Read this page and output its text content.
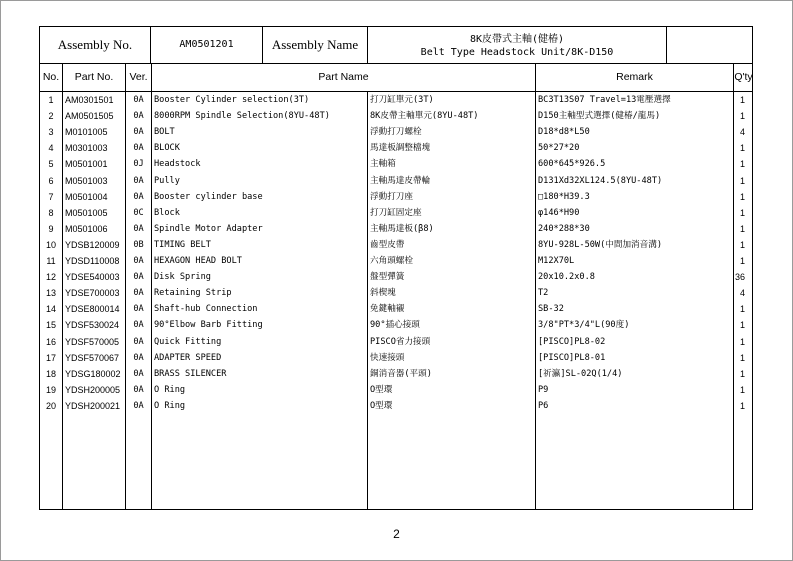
Assembly No.	AM0501201	Assembly Name	8K皮帶式主軸(健椿)
Belt Type Headstock Unit/8K-D150
No.	Part No.	Ver.	Part Name	Remark	Q'ty
1	AM0301501	0A	Booster Cylinder selection(3T)	打刀缸單元(3T)	BC3T13S07 Travel=13電壓選擇	1
2	AM0501505	0A	8000RPM Spindle Selection(8YU-48T)	8K皮帶主軸單元(8YU-48T)	D150主軸型式選擇(健椿/龍馬)	1
3	M0101005	0A	BOLT	浮動打刀螺栓	D18*d8*L50	4
4	M0301003	0A	BLOCK	馬達板調整檔塊	50*27*20	1
5	M0501001	0J	Headstock	主軸箱	600*645*926.5	1
6	M0501003	0A	Pully	主軸馬達皮帶輪	D131Xd32XL124.5(8YU-48T)	1
7	M0501004	0A	Booster cylinder base	浮動打刀座	□180*H39.3	1
8	M0501005	0C	Block	打刀缸固定座	φ146*H90	1
9	M0501006	0A	Spindle Motor Adapter	主軸馬達板(β8)	240*288*30	1
10	YDSB120009	0B	TIMING BELT	齒型皮帶	8YU-928L-50W(中間加消音溝)	1
11	YDSD110008	0A	HEXAGON HEAD BOLT	六角頭螺栓	M12X70L	1
12	YDSE540003	0A	Disk Spring	盤型彈簧	20x10.2x0.8	36
13	YDSE700003	0A	Retaining Strip	斜楔塊	T2	4
14	YDSE800014	0A	Shaft-hub Connection	免鍵軸襯	SB-32	1
15	YDSF530024	0A	90°Elbow Barb Fitting	90°插心接頭	3/8"PT*3/4"L(90度)	1
16	YDSF570005	0A	Quick Fitting	PISCO省力接頭	[PISCO]PL8-02	1
17	YDSF570067	0A	ADAPTER SPEED	快速接頭	[PISCO]PL8-01	1
18	YDSG180002	0A	BRASS SILENCER	銅消音器(平頭)	[祈瀛]SL-02Q(1/4)	1
19	YDSH200005	0A	O Ring	O型環	P9	1
20	YDSH200021	0A	O Ring	O型環	P6	1
2
